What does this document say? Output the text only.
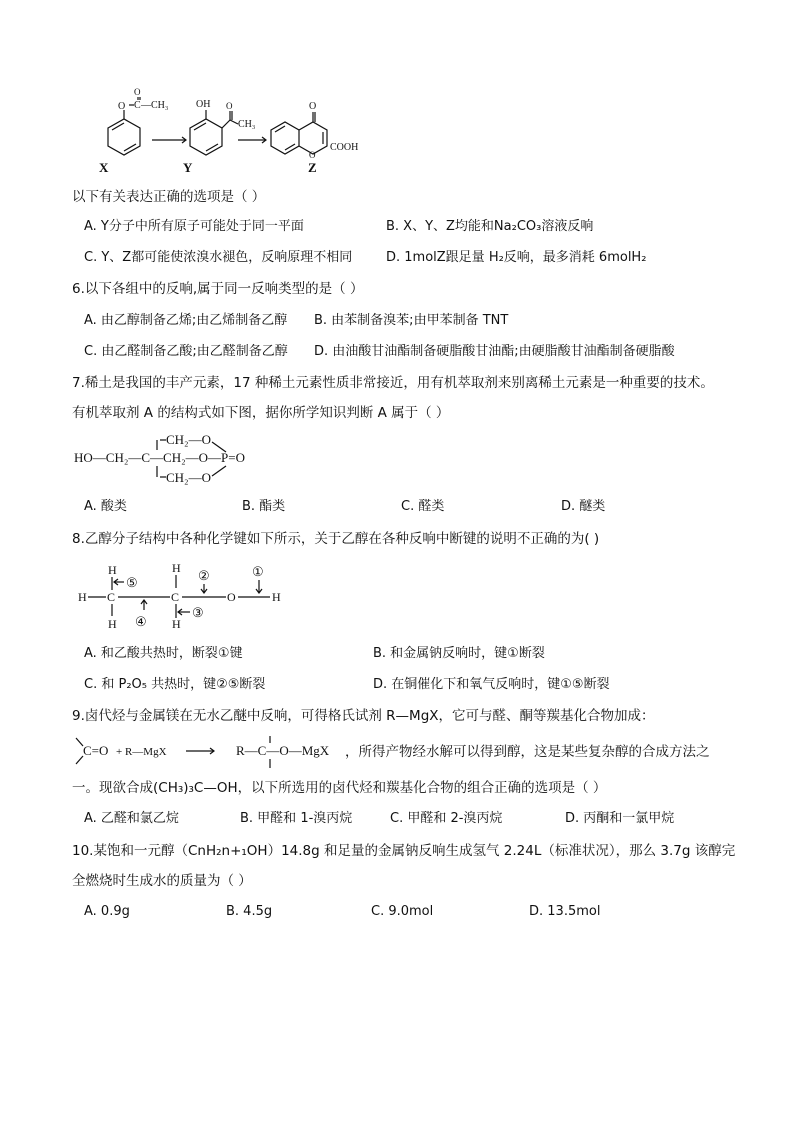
O C
O
—CH₃	OH O
CH₃
O
O
COOH
X	Y	Z
以下有关表达正确的选项是（ ）
A. Y分子中所有原子可能处于同一平面	B. X、Y、Z均能和Na₂CO₃溶液反响
C. Y、Z都可能使浓溴水褪色，反响原理不相同	D. 1molZ跟足量 H₂反响，最多消耗 6molH₂
6.以下各组中的反响,属于同一反响类型的是（ ）
A. 由乙醇制备乙烯;由乙烯制备乙醇 B. 由苯制备溴苯;由甲苯制备 TNT
C. 由乙醛制备乙酸;由乙醛制备乙醇 D. 由油酸甘油酯制备硬脂酸甘油酯;由硬脂酸甘油酯制备硬脂酸
7.稀土是我国的丰产元素，17 种稀土元素性质非常接近，用有机萃取剂来别离稀土元素是一种重要的技术。
有机萃取剂 A 的结构式如下图，据你所学知识判断 A 属于（ ）
HO—CH₂—C—CH₂—O—P=O
CH₂—O
CH₂—O
A. 酸类	B. 酯类	C. 醛类	D. 醚类
8.乙醇分子结构中各种化学键如下所示，关于乙醇在各种反响中断键的说明不正确的为( )
H
H C
H
C
H
H
O	H
⑤
④
②
③
①
A. 和乙酸共热时，断裂①键	B. 和金属钠反响时，键①断裂
C. 和 P₂O₅ 共热时，键②⑤断裂	D. 在铜催化下和氧气反响时，键①⑤断裂
9.卤代烃与金属镁在无水乙醚中反响，可得格氏试剂 R—MgX，它可与醛、酮等羰基化合物加成：
C=O + R—MgX	R—C—O—MgX ，所得产物经水解可以得到醇，这是某些复杂醇的合成方法之
一。现欲合成(CH₃)₃C—OH，以下所选用的卤代烃和羰基化合物的组合正确的选项是（ ）
A. 乙醛和氯乙烷	B. 甲醛和 1-溴丙烷	C. 甲醛和 2-溴丙烷	D. 丙酮和一氯甲烷
10.某饱和一元醇（CnH₂n+₁OH）14.8g 和足量的金属钠反响生成氢气 2.24L（标准状况），那么 3.7g 该醇完
全燃烧时生成水的质量为（ ）
A. 0.9g	B. 4.5g	C. 9.0mol	D. 13.5mol
